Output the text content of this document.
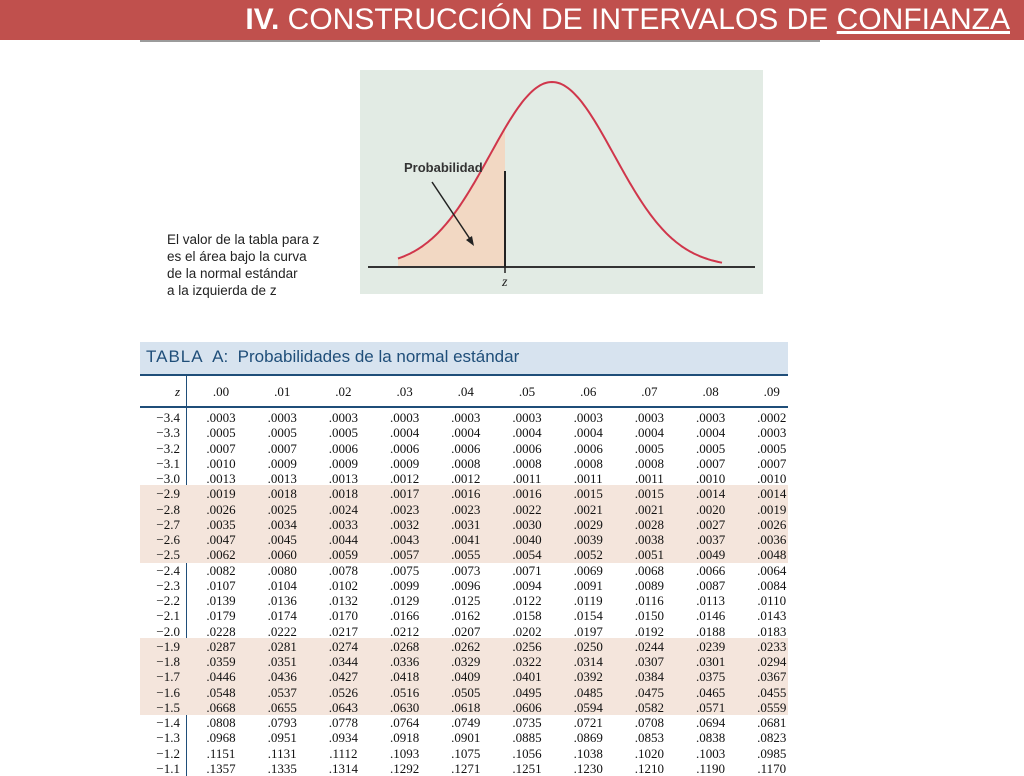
IV. CONSTRUCCIÓN DE INTERVALOS DE CONFIANZA
Probabilidad
z
El valor de la tabla para z
es el área bajo la curva
de la normal estándar
a la izquierda de z
TABLA A: Probabilidades de la normal estándar
z	.00	.01	.02	.03	.04	.05	.06	.07	.08	.09
−3.4	.0003	.0003	.0003	.0003	.0003	.0003	.0003	.0003	.0003	.0002
−3.3	.0005	.0005	.0005	.0004	.0004	.0004	.0004	.0004	.0004	.0003
−3.2	.0007	.0007	.0006	.0006	.0006	.0006	.0006	.0005	.0005	.0005
−3.1	.0010	.0009	.0009	.0009	.0008	.0008	.0008	.0008	.0007	.0007
−3.0	.0013	.0013	.0013	.0012	.0012	.0011	.0011	.0011	.0010	.0010
−2.9	.0019	.0018	.0018	.0017	.0016	.0016	.0015	.0015	.0014	.0014
−2.8	.0026	.0025	.0024	.0023	.0023	.0022	.0021	.0021	.0020	.0019
−2.7	.0035	.0034	.0033	.0032	.0031	.0030	.0029	.0028	.0027	.0026
−2.6	.0047	.0045	.0044	.0043	.0041	.0040	.0039	.0038	.0037	.0036
−2.5	.0062	.0060	.0059	.0057	.0055	.0054	.0052	.0051	.0049	.0048
−2.4	.0082	.0080	.0078	.0075	.0073	.0071	.0069	.0068	.0066	.0064
−2.3	.0107	.0104	.0102	.0099	.0096	.0094	.0091	.0089	.0087	.0084
−2.2	.0139	.0136	.0132	.0129	.0125	.0122	.0119	.0116	.0113	.0110
−2.1	.0179	.0174	.0170	.0166	.0162	.0158	.0154	.0150	.0146	.0143
−2.0	.0228	.0222	.0217	.0212	.0207	.0202	.0197	.0192	.0188	.0183
−1.9	.0287	.0281	.0274	.0268	.0262	.0256	.0250	.0244	.0239	.0233
−1.8	.0359	.0351	.0344	.0336	.0329	.0322	.0314	.0307	.0301	.0294
−1.7	.0446	.0436	.0427	.0418	.0409	.0401	.0392	.0384	.0375	.0367
−1.6	.0548	.0537	.0526	.0516	.0505	.0495	.0485	.0475	.0465	.0455
−1.5	.0668	.0655	.0643	.0630	.0618	.0606	.0594	.0582	.0571	.0559
−1.4	.0808	.0793	.0778	.0764	.0749	.0735	.0721	.0708	.0694	.0681
−1.3	.0968	.0951	.0934	.0918	.0901	.0885	.0869	.0853	.0838	.0823
−1.2	.1151	.1131	.1112	.1093	.1075	.1056	.1038	.1020	.1003	.0985
−1.1	.1357	.1335	.1314	.1292	.1271	.1251	.1230	.1210	.1190	.1170
